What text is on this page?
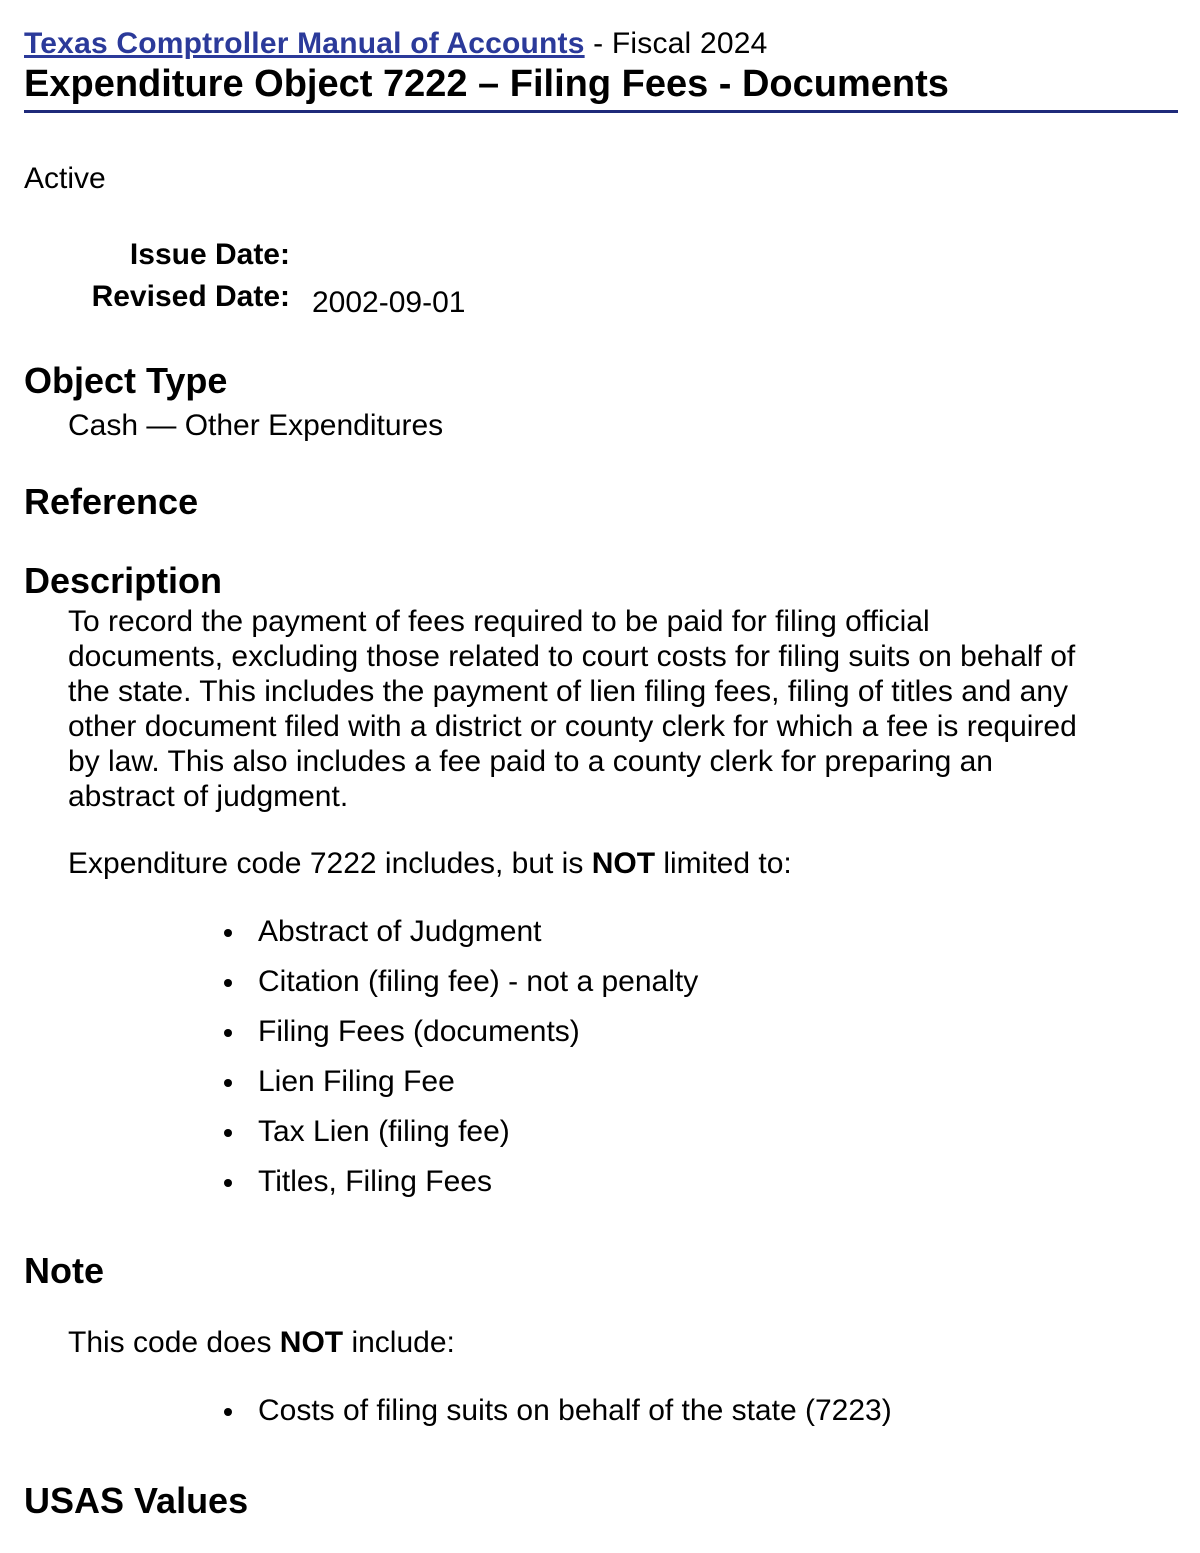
Texas Comptroller Manual of Accounts - Fiscal 2024
Expenditure Object 7222 – Filing Fees - Documents
Active
Issue Date:
Revised Date: 2002-09-01
Object Type
Cash — Other Expenditures
Reference
Description
To record the payment of fees required to be paid for filing official
documents, excluding those related to court costs for filing suits on behalf of
the state. This includes the payment of lien filing fees, filing of titles and any
other document filed with a district or county clerk for which a fee is required
by law. This also includes a fee paid to a county clerk for preparing an
abstract of judgment.
Expenditure code 7222 includes, but is NOT limited to:
Abstract of Judgment
Citation (filing fee) - not a penalty
Filing Fees (documents)
Lien Filing Fee
Tax Lien (filing fee)
Titles, Filing Fees
Note
This code does NOT include:
Costs of filing suits on behalf of the state (7223)
USAS Values
